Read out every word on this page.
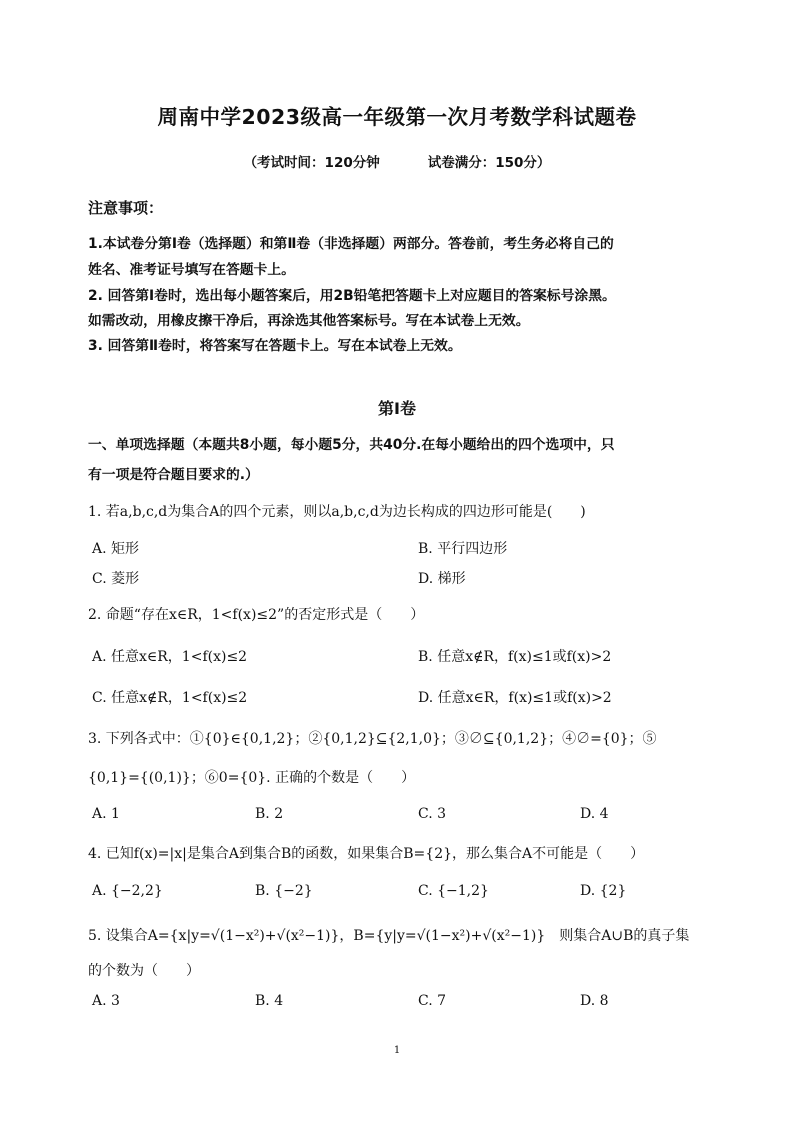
周南中学2023级高一年级第一次月考数学科试题卷
（考试时间：120分钟	试卷满分：150分）
注意事项：
1.本试卷分第Ⅰ卷（选择题）和第Ⅱ卷（非选择题）两部分。答卷前，考生务必将自己的
姓名、准考证号填写在答题卡上。
2. 回答第Ⅰ卷时，选出每小题答案后，用2B铅笔把答题卡上对应题目的答案标号涂黑。
如需改动，用橡皮擦干净后，再涂选其他答案标号。写在本试卷上无效。
3. 回答第Ⅱ卷时，将答案写在答题卡上。写在本试卷上无效。
第Ⅰ卷
一、单项选择题（本题共8小题，每小题5分，共40分.在每小题给出的四个选项中，只
有一项是符合题目要求的.）
1. 若a,b,c,d为集合A的四个元素，则以a,b,c,d为边长构成的四边形可能是(　　)
A. 矩形	B. 平行四边形
C. 菱形	D. 梯形
2. 命题“存在x∈R，1<f(x)≤2”的否定形式是（　　）
A. 任意x∈R，1<f(x)≤2	B. 任意x∉R，f(x)≤1或f(x)>2
C. 任意x∉R，1<f(x)≤2	D. 任意x∈R，f(x)≤1或f(x)>2
3. 下列各式中：①{0}∈{0,1,2}；②{0,1,2}⊆{2,1,0}；③∅⊆{0,1,2}；④∅={0}；⑤
{0,1}={(0,1)}；⑥0={0}. 正确的个数是（　　）
A. 1	B. 2	C. 3	D. 4
4. 已知f(x)=|x|是集合A到集合B的函数，如果集合B={2}，那么集合A不可能是（　　）
A. {−2,2}	B. {−2}	C. {−1,2}	D. {2}
5. 设集合A={x|y=√(1−x²)+√(x²−1)}，B={y|y=√(1−x²)+√(x²−1)}　则集合A∪B的真子集
的个数为（　　）
A. 3	B. 4	C. 7	D. 8
1
